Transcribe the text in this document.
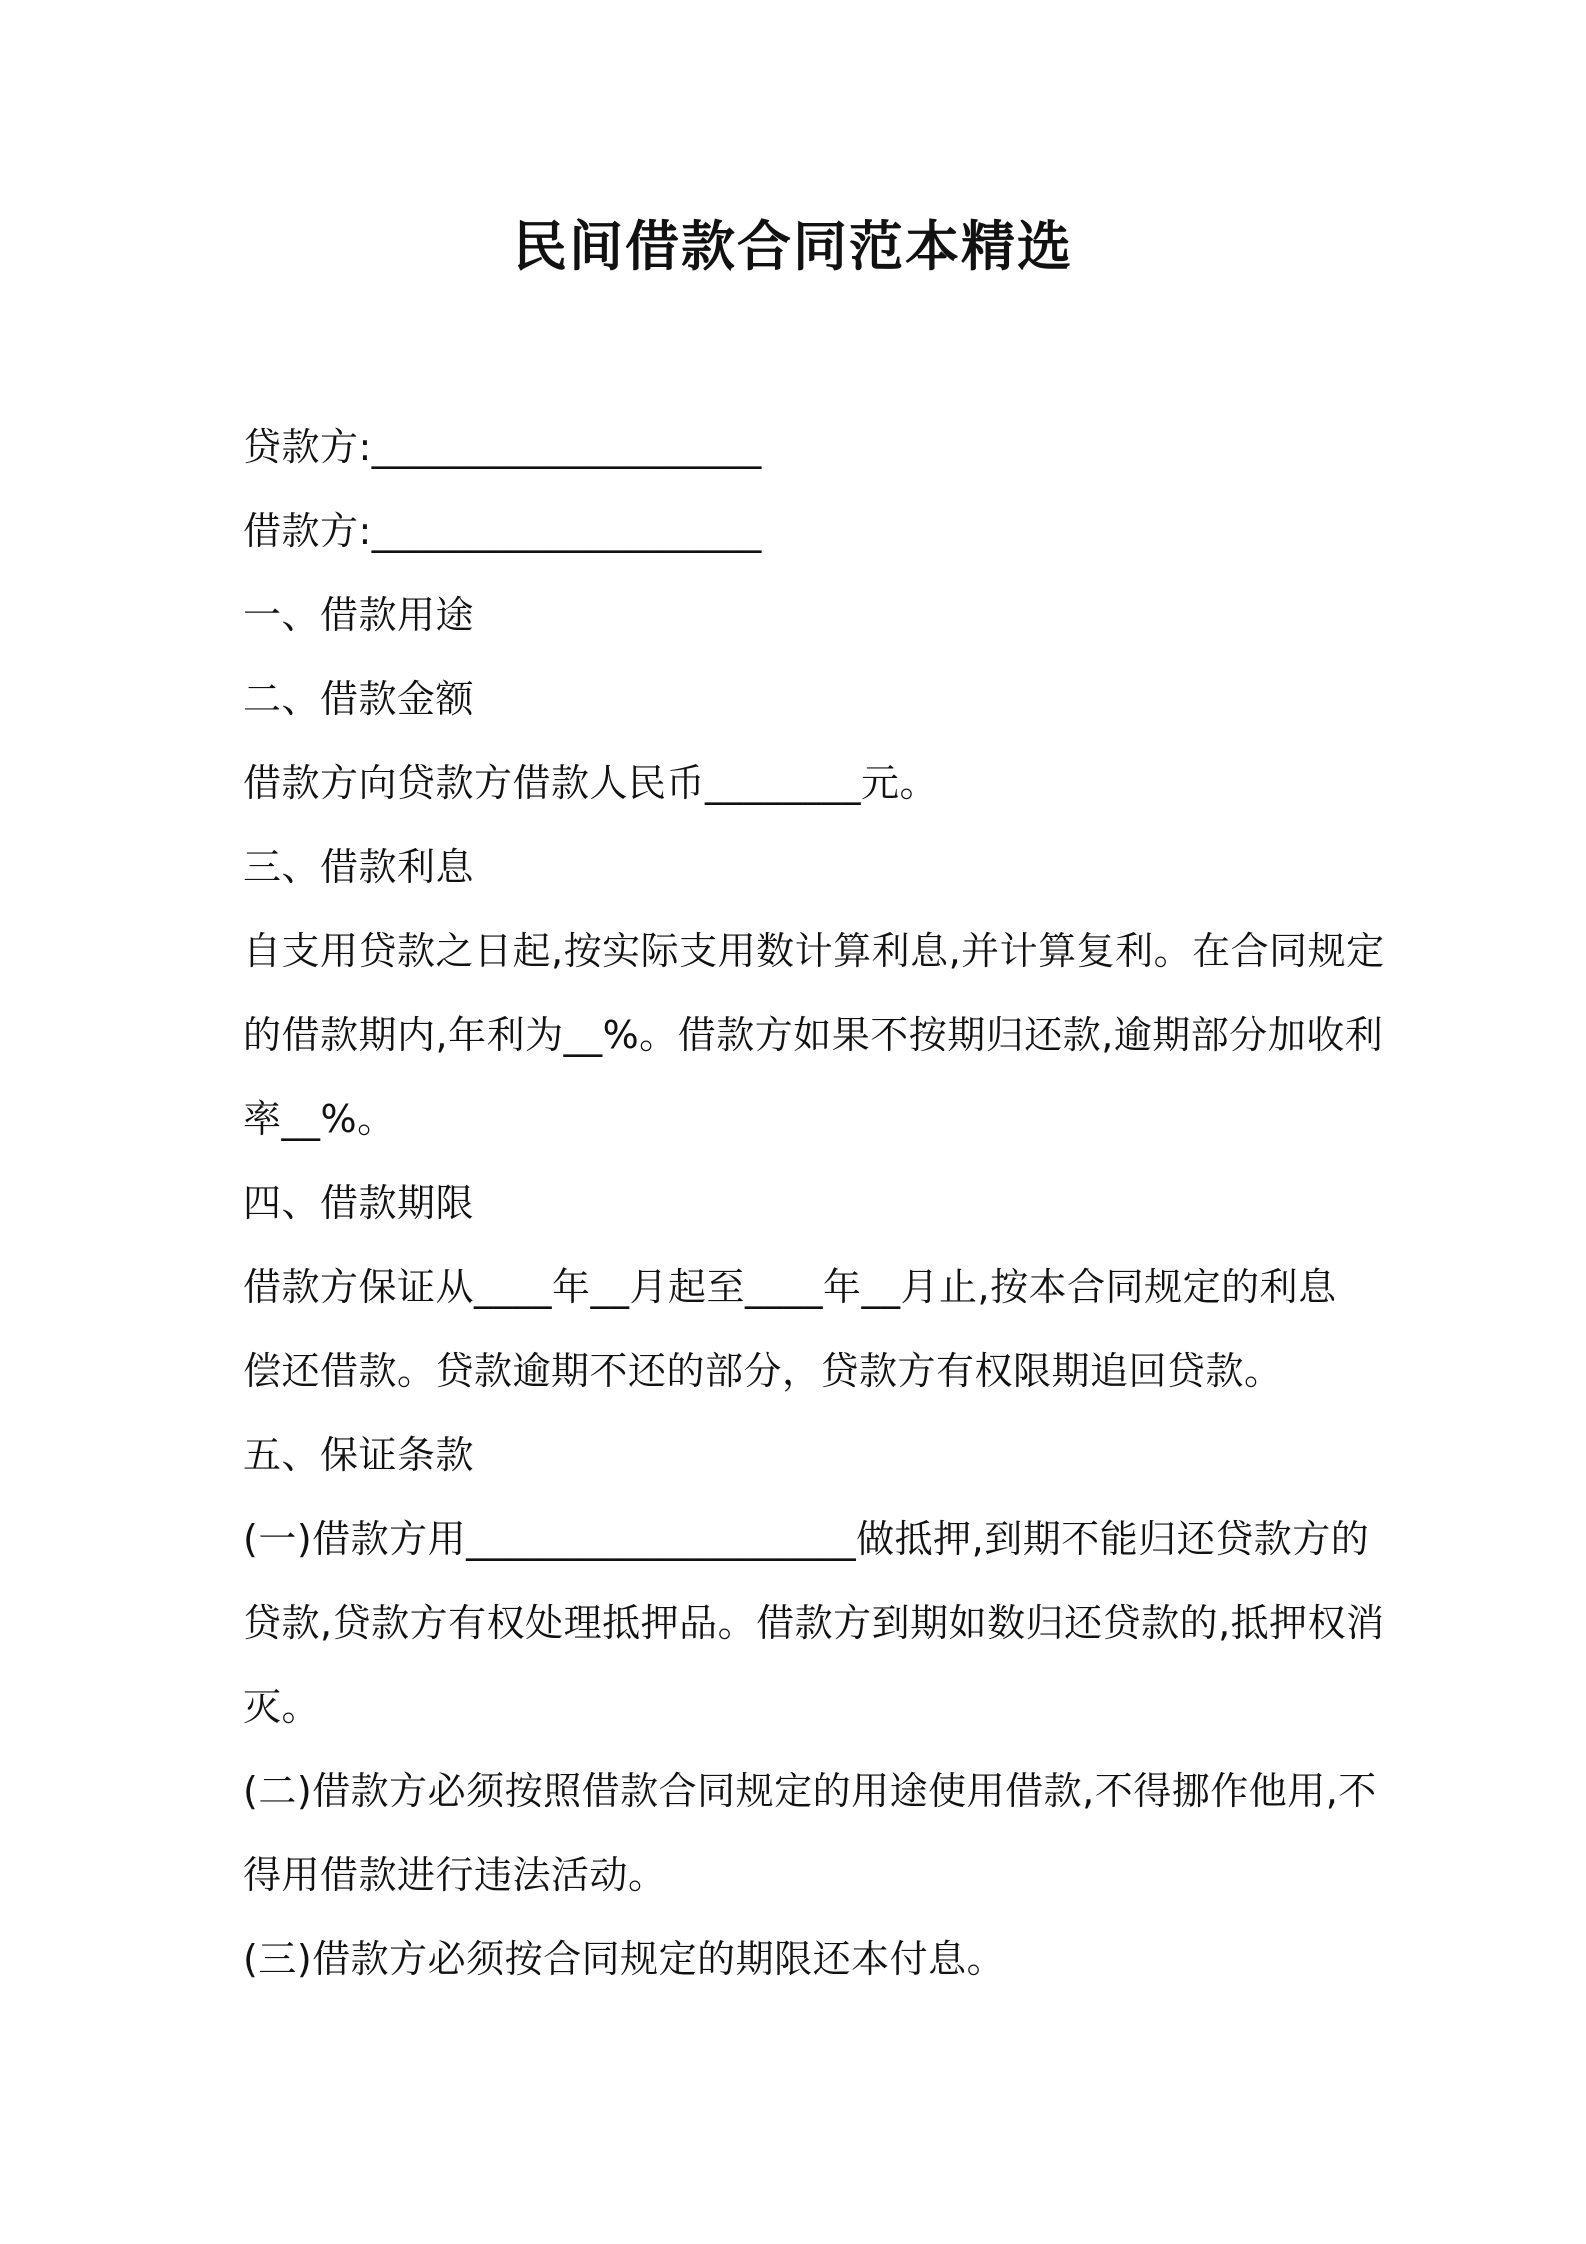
民间借款合同范本精选

贷款方:____________________

借款方:____________________

一、借款用途

二、借款金额

借款方向贷款方借款人民币________元。

三、借款利息

自支用贷款之日起,按实际支用数计算利息,并计算复利。在合同规定

的借款期内,年利为__%。借款方如果不按期归还款,逾期部分加收利

率__%。

四、借款期限

借款方保证从____年__月起至____年__月止,按本合同规定的利息

偿还借款。贷款逾期不还的部分，贷款方有权限期追回贷款。

五、保证条款

(一)借款方用____________________做抵押,到期不能归还贷款方的

贷款,贷款方有权处理抵押品。借款方到期如数归还贷款的,抵押权消

灭。

(二)借款方必须按照借款合同规定的用途使用借款,不得挪作他用,不

得用借款进行违法活动。

(三)借款方必须按合同规定的期限还本付息。
